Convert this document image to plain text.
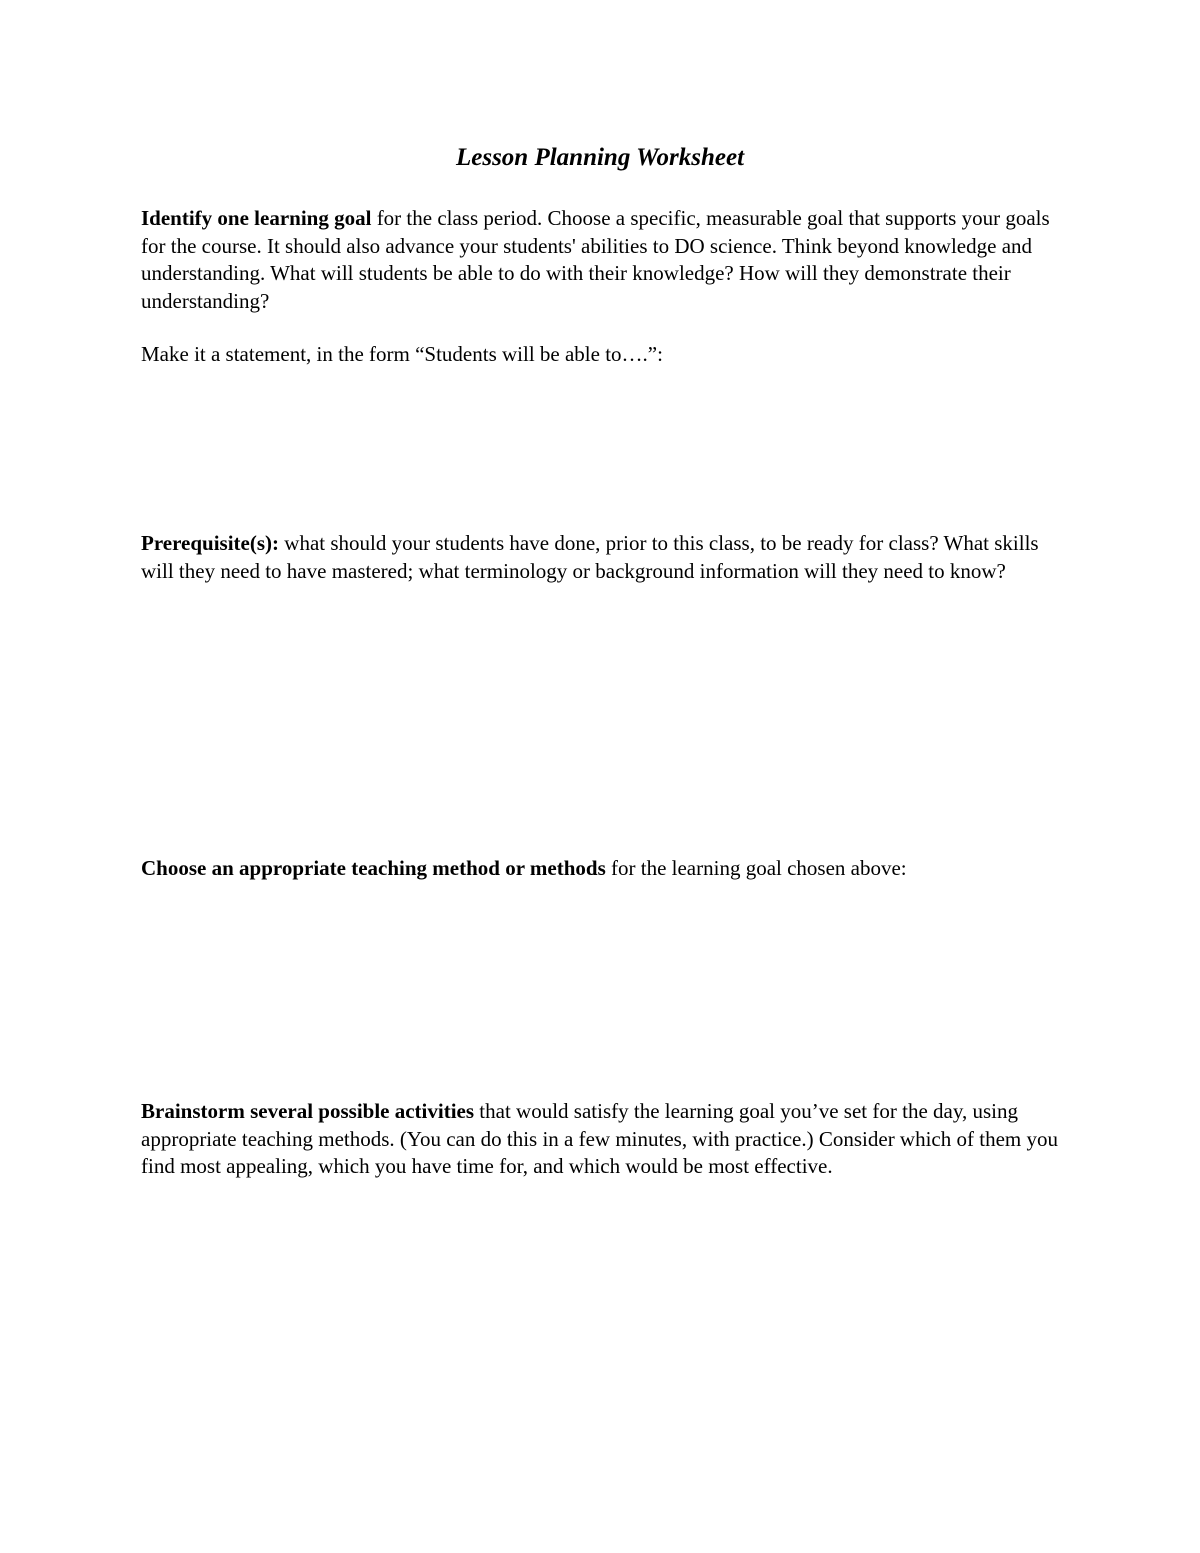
Lesson Planning Worksheet
Identify one learning goal for the class period. Choose a specific, measurable goal that supports your goals for the course. It should also advance your students' abilities to DO science. Think beyond knowledge and understanding. What will students be able to do with their knowledge? How will they demonstrate their understanding?
Make it a statement, in the form “Students will be able to….”:
Prerequisite(s): what should your students have done, prior to this class, to be ready for class? What skills will they need to have mastered; what terminology or background information will they need to know?
Choose an appropriate teaching method or methods for the learning goal chosen above:
Brainstorm several possible activities that would satisfy the learning goal you’ve set for the day, using appropriate teaching methods. (You can do this in a few minutes, with practice.) Consider which of them you find most appealing, which you have time for, and which would be most effective.
